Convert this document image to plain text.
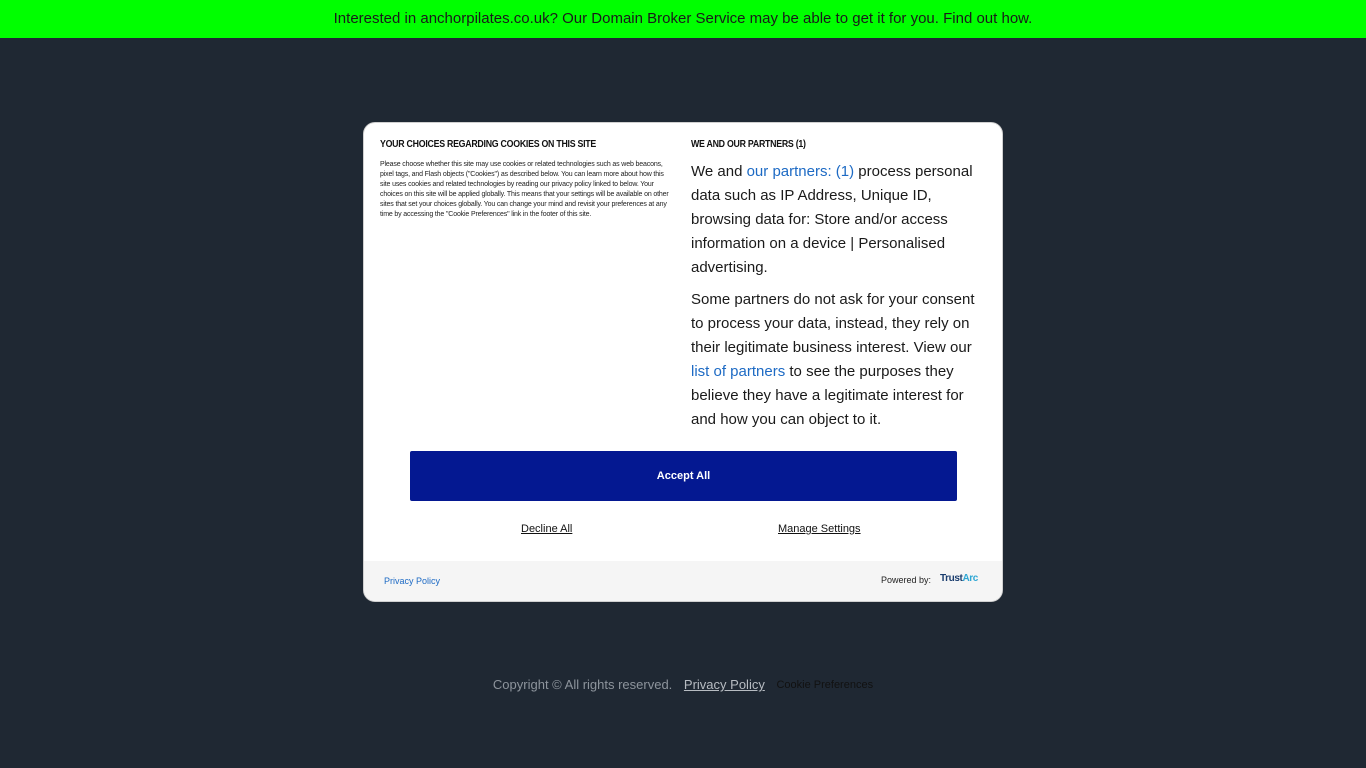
Interested in anchorpilates.co.uk? Our Domain Broker Service may be able to get it for you. Find out how.
YOUR CHOICES REGARDING COOKIES ON THIS SITE
Please choose whether this site may use cookies or related technologies such as web beacons, pixel tags, and Flash objects ("Cookies") as described below. You can learn more about how this site uses cookies and related technologies by reading our privacy policy linked to below. Your choices on this site will be applied globally. This means that your settings will be available on other sites that set your choices globally. You can change your mind and revisit your preferences at any time by accessing the "Cookie Preferences" link in the footer of this site.
WE AND OUR PARTNERS (1)

We and our partners: (1) process personal data such as IP Address, Unique ID, browsing data for: Store and/or access information on a device | Personalised advertising.

Some partners do not ask for your consent to process your data, instead, they rely on their legitimate business interest. View our list of partners to see the purposes they believe they have a legitimate interest for and how you can object to it.

Accept All
Decline All	Manage Settings
Privacy Policy	Powered by: TrustArc
Copyright © All rights reserved. Privacy Policy Cookie Preferences
